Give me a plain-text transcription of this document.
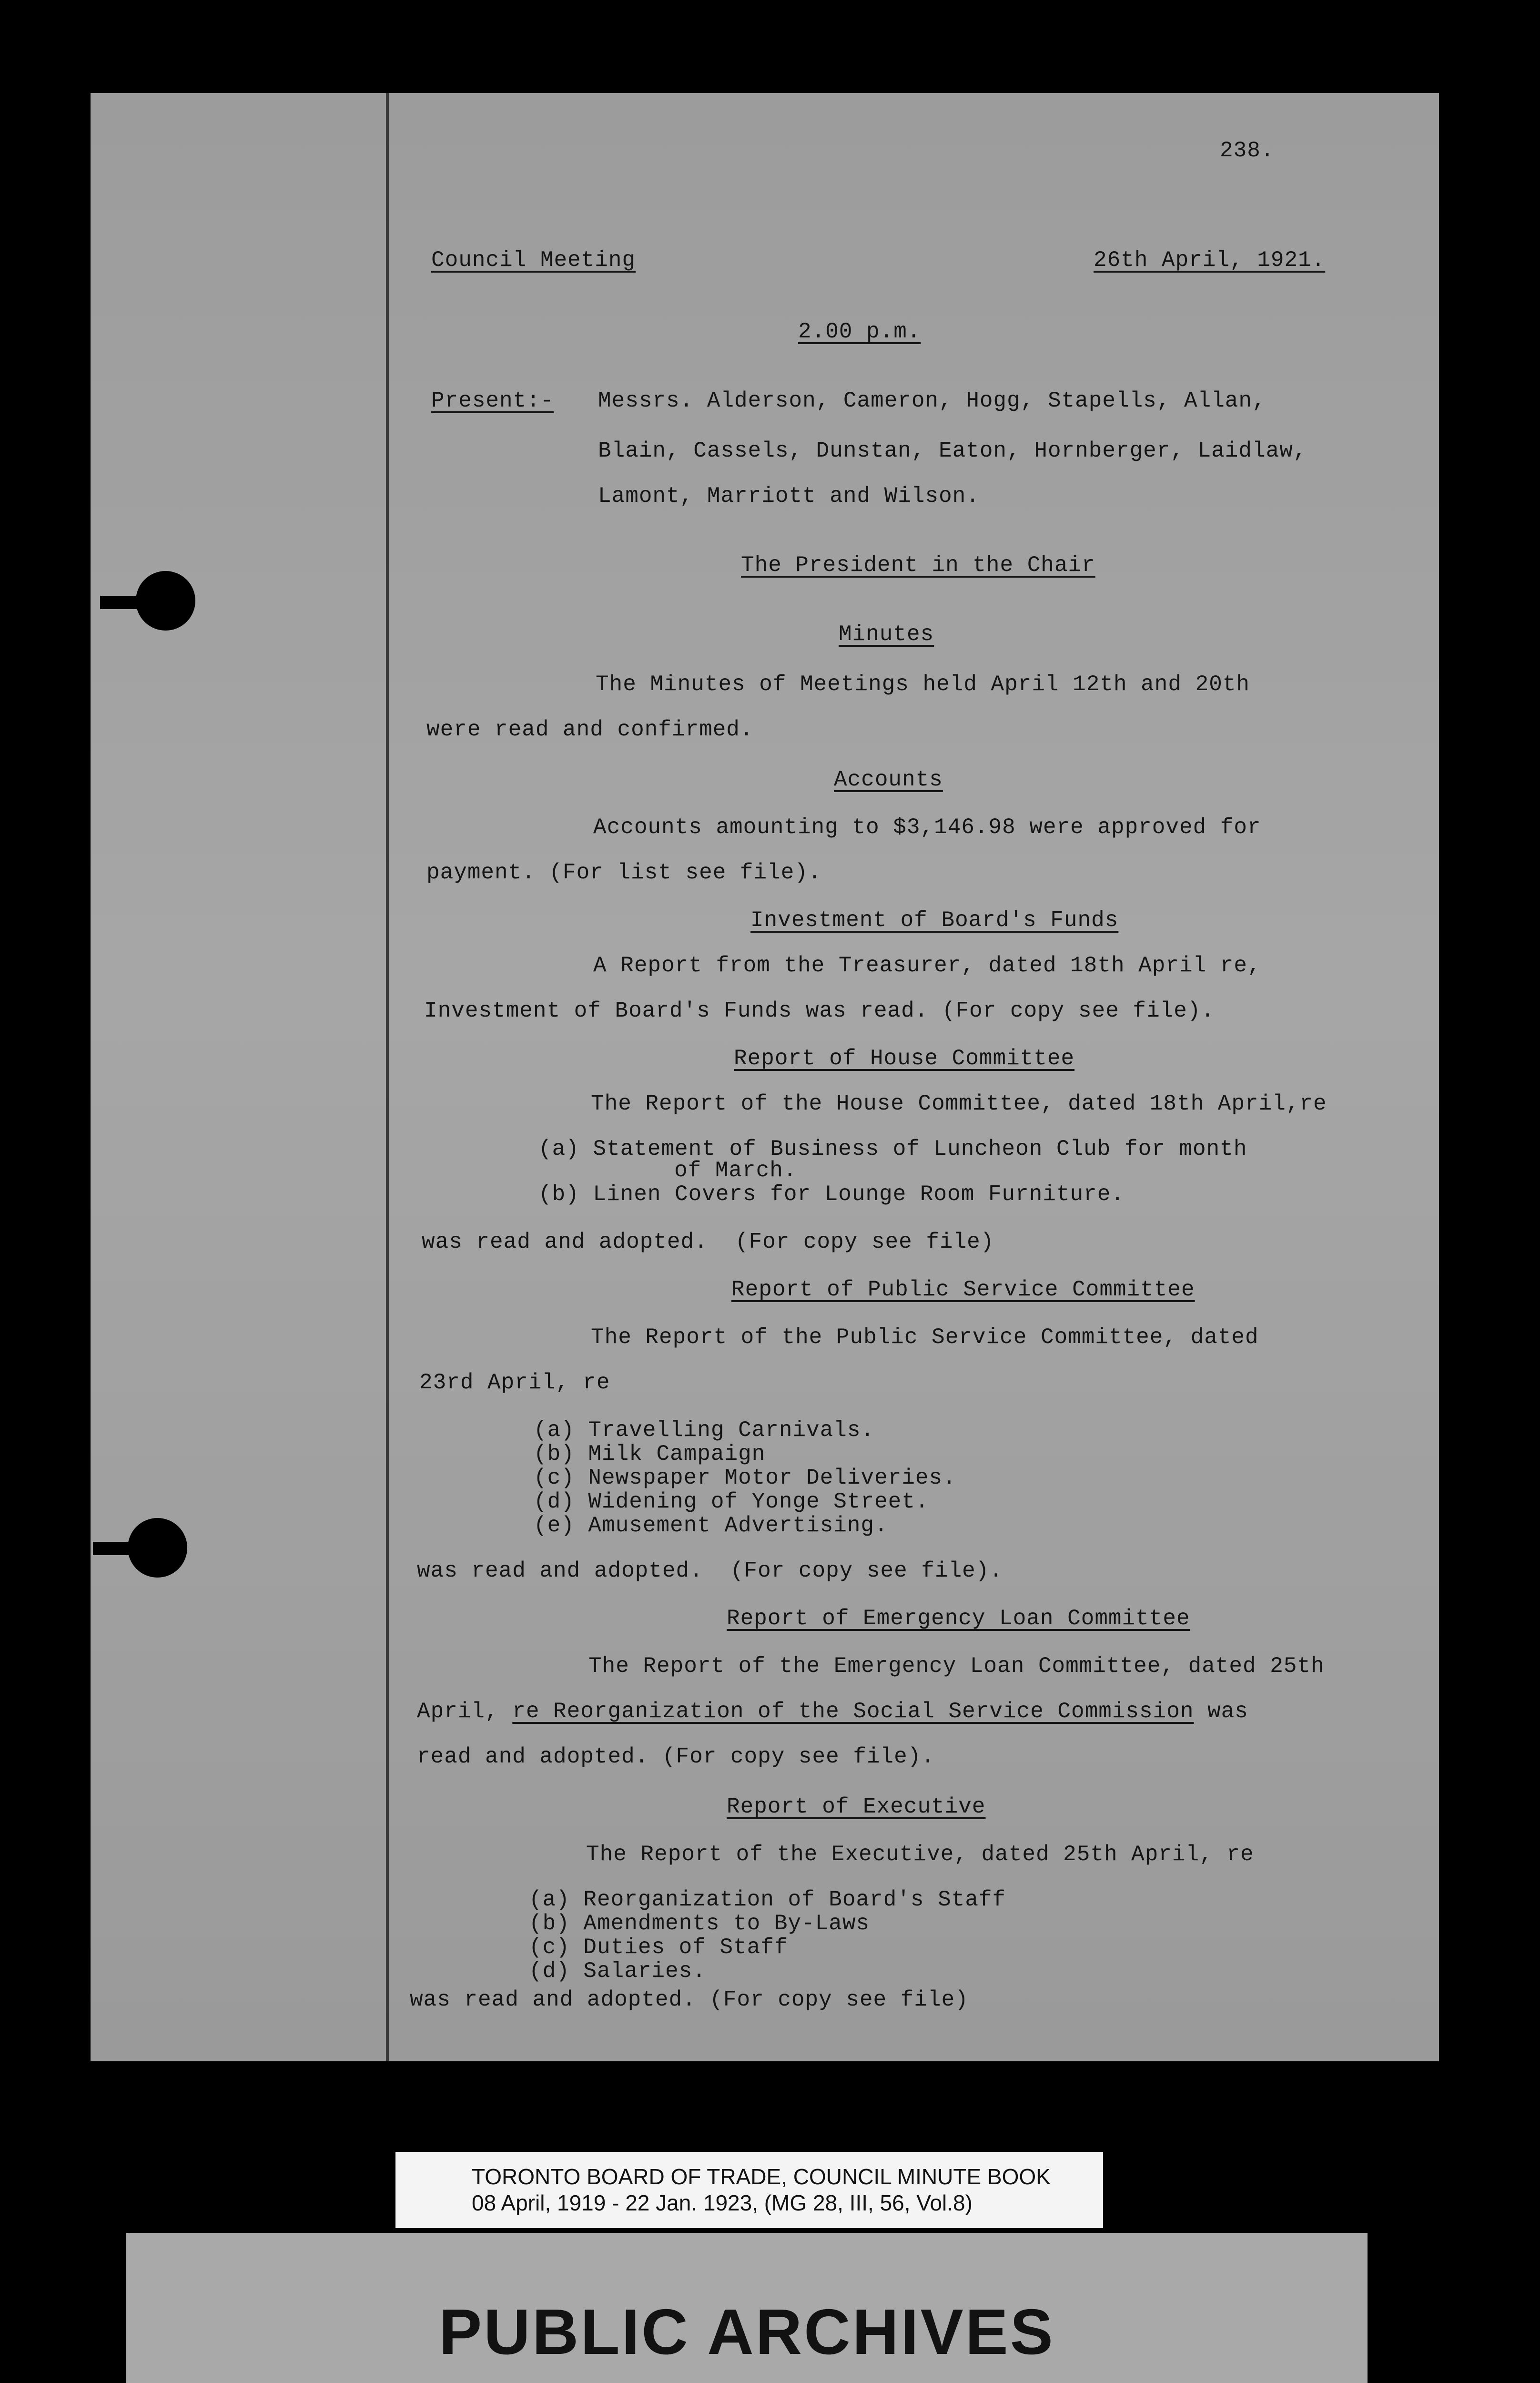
238.
Council Meeting	26th April, 1921.
2.00 p.m.
Present:- Messrs. Alderson, Cameron, Hogg, Stapells, Allan,
Blain, Cassels, Dunstan, Eaton, Hornberger, Laidlaw,
Lamont, Marriott and Wilson.
The President in the Chair
Minutes
The Minutes of Meetings held April 12th and 20th
were read and confirmed.
Accounts
Accounts amounting to $3,146.98 were approved for
payment. (For list see file).
Investment of Board's Funds
A Report from the Treasurer, dated 18th April re,
Investment of Board's Funds was read. (For copy see file).
Report of House Committee
The Report of the House Committee, dated 18th April,re
(a) Statement of Business of Luncheon Club for month
of March.
(b) Linen Covers for Lounge Room Furniture.
was read and adopted.  (For copy see file)
Report of Public Service Committee
The Report of the Public Service Committee, dated
23rd April, re
(a) Travelling Carnivals.
(b) Milk Campaign
(c) Newspaper Motor Deliveries.
(d) Widening of Yonge Street.
(e) Amusement Advertising.
was read and adopted.  (For copy see file).
Report of Emergency Loan Committee
The Report of the Emergency Loan Committee, dated 25th
April, re Reorganization of the Social Service Commission was
read and adopted. (For copy see file).
Report of Executive
The Report of the Executive, dated 25th April, re
(a) Reorganization of Board's Staff
(b) Amendments to By-Laws
(c) Duties of Staff
(d) Salaries.
was read and adopted. (For copy see file)
TORONTO BOARD OF TRADE, COUNCIL MINUTE BOOK
08 April, 1919 - 22 Jan. 1923, (MG 28, III, 56, Vol.8)
PUBLIC ARCHIVES
